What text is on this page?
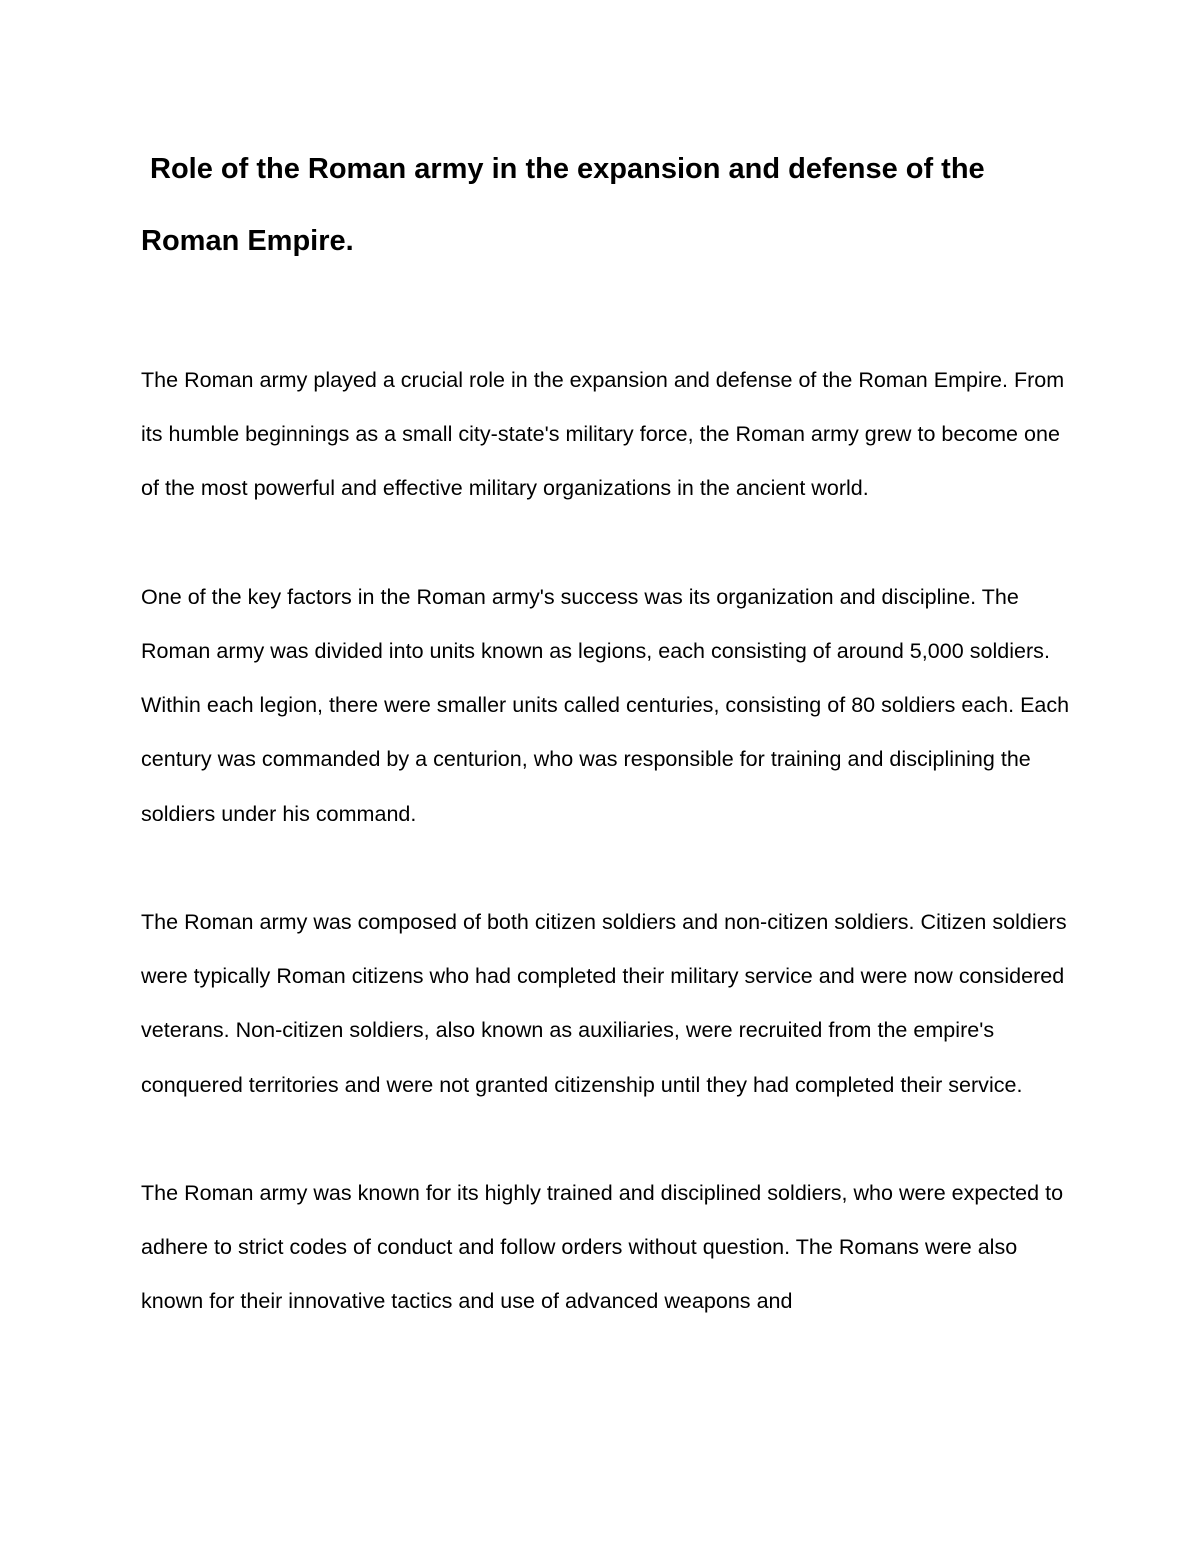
Role of the Roman army in the expansion and defense of the Roman Empire.

The Roman army played a crucial role in the expansion and defense of the Roman Empire. From its humble beginnings as a small city-state's military force, the Roman army grew to become one of the most powerful and effective military organizations in the ancient world.

One of the key factors in the Roman army's success was its organization and discipline. The Roman army was divided into units known as legions, each consisting of around 5,000 soldiers. Within each legion, there were smaller units called centuries, consisting of 80 soldiers each. Each century was commanded by a centurion, who was responsible for training and disciplining the soldiers under his command.

The Roman army was composed of both citizen soldiers and non-citizen soldiers. Citizen soldiers were typically Roman citizens who had completed their military service and were now considered veterans. Non-citizen soldiers, also known as auxiliaries, were recruited from the empire's conquered territories and were not granted citizenship until they had completed their service.

The Roman army was known for its highly trained and disciplined soldiers, who were expected to adhere to strict codes of conduct and follow orders without question. The Romans were also known for their innovative tactics and use of advanced weapons and
